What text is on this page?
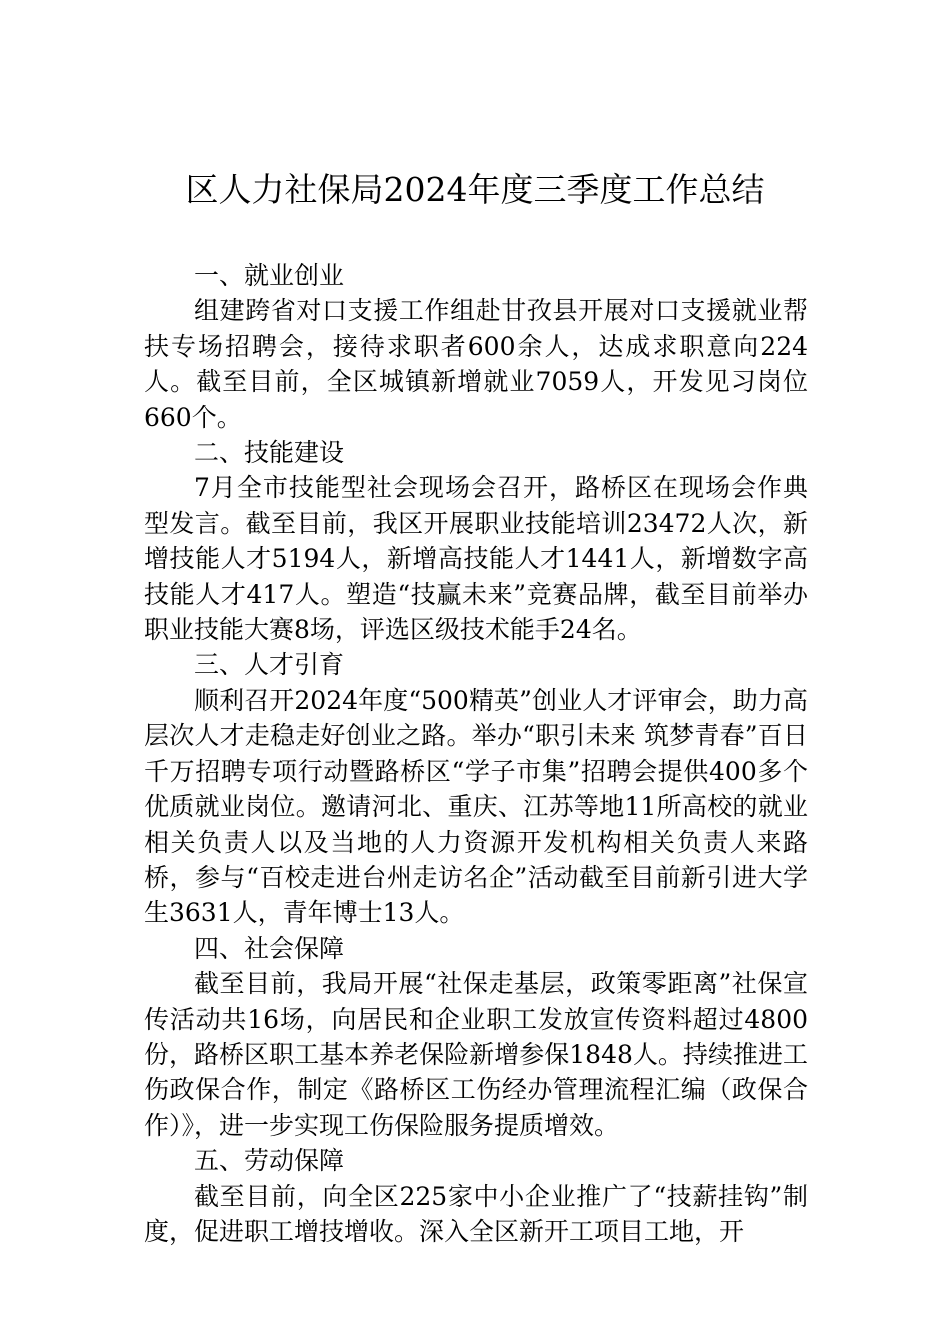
区人力社保局2024年度三季度工作总结
一、就业创业

组建跨省对口支援工作组赴甘孜县开展对口支援就业帮扶专场招聘会，接待求职者600余人，达成求职意向224人。截至目前，全区城镇新增就业7059人，开发见习岗位660个。

二、技能建设

7月全市技能型社会现场会召开，路桥区在现场会作典型发言。截至目前，我区开展职业技能培训23472人次，新增技能人才5194人，新增高技能人才1441人，新增数字高技能人才417人。塑造“技赢未来”竞赛品牌，截至目前举办职业技能大赛8场，评选区级技术能手24名。

三、人才引育

顺利召开2024年度“500精英”创业人才评审会，助力高层次人才走稳走好创业之路。举办“职引未来 筑梦青春”百日千万招聘专项行动暨路桥区“学子市集”招聘会提供400多个优质就业岗位。邀请河北、重庆、江苏等地11所高校的就业相关负责人以及当地的人力资源开发机构相关负责人来路桥，参与“百校走进台州走访名企”活动截至目前新引进大学生3631人，青年博士13人。

四、社会保障

截至目前，我局开展“社保走基层，政策零距离”社保宣传活动共16场，向居民和企业职工发放宣传资料超过4800份，路桥区职工基本养老保险新增参保1848人。持续推进工伤政保合作，制定《路桥区工伤经办管理流程汇编（政保合作）》，进一步实现工伤保险服务提质增效。

五、劳动保障

截至目前，向全区225家中小企业推广了“技薪挂钩”制度，促进职工增技增收。深入全区新开工项目工地，开
